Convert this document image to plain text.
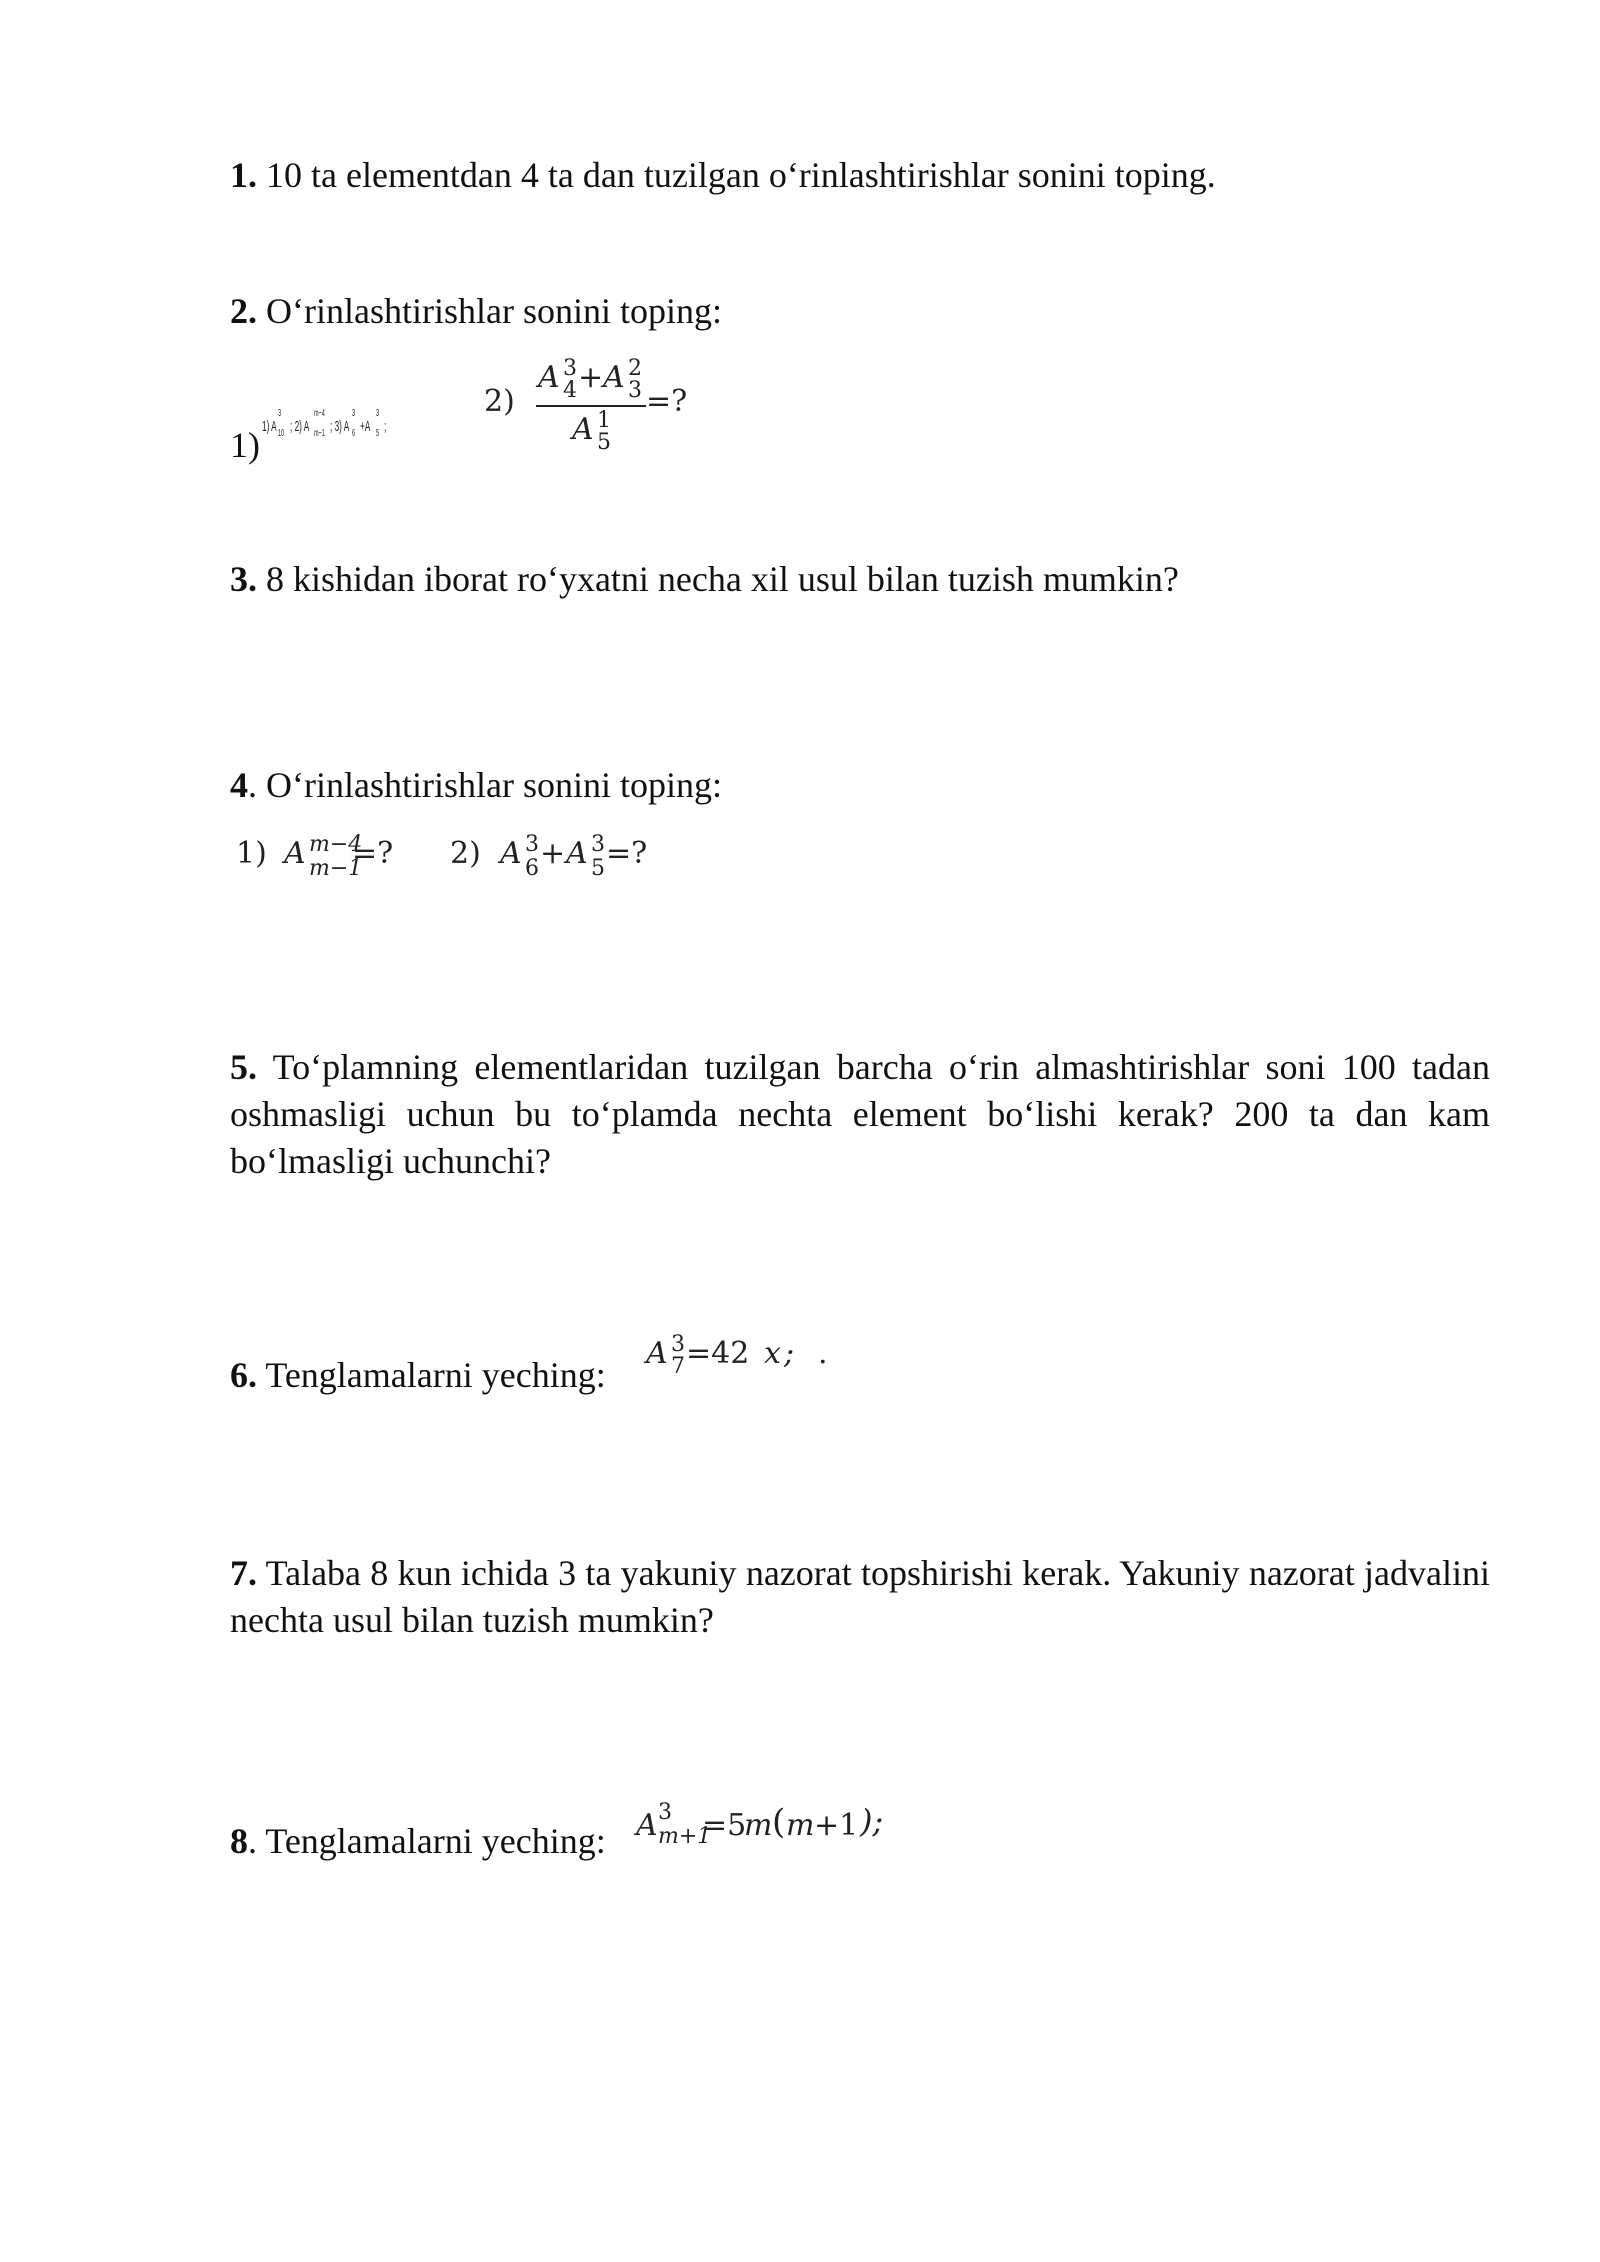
1. 10 ta elementdan 4 ta dan tuzilgan o‘rinlashtirishlar sonini toping.
2. O‘rinlashtirishlar sonini toping:
1) 1) A
3
10 ; 2) A
m−4
m−1 ; 3) A
3
6 +A
3
5 ;
2)
A 3
4 + A 2
3 =?
A 1
5
3. 8 kishidan iborat ro‘yxatni necha xil usul bilan tuzish mumkin?
4. O‘rinlashtirishlar sonini toping:
1) A m−4
m−1
=? 2) A 3
6 + A 3
5 =?
5. To‘plamning elementlaridan tuzilgan barcha o‘rin almashtirishlar soni 100 tadan oshmasligi uchun bu to‘plamda nechta element bo‘lishi kerak? 200 ta dan kam bo‘lmasligi uchunchi?
6. Tenglamalarni yeching:
A 3
7 =42 x ; .
7. Talaba 8 kun ichida 3 ta yakuniy nazorat topshirishi kerak. Yakuniy nazorat jadvalini nechta usul bilan tuzish mumkin?
8. Tenglamalarni yeching: A 3
m+1
=5
m ( m +1 );
